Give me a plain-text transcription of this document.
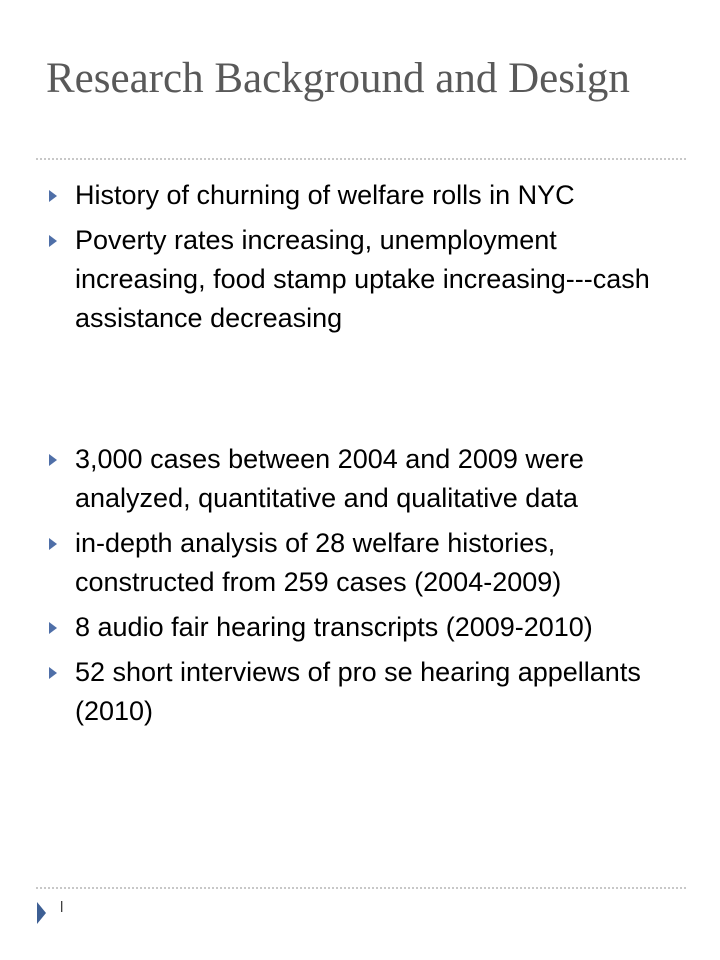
Research Background and Design
History of churning of welfare rolls in NYC
Poverty rates increasing, unemployment increasing, food stamp uptake increasing---cash assistance decreasing
3,000 cases between 2004 and 2009 were analyzed, quantitative and qualitative data
in-depth analysis of 28 welfare histories, constructed from 259 cases (2004-2009)
8 audio fair hearing transcripts (2009-2010)
52 short interviews of pro se hearing appellants (2010)
l
